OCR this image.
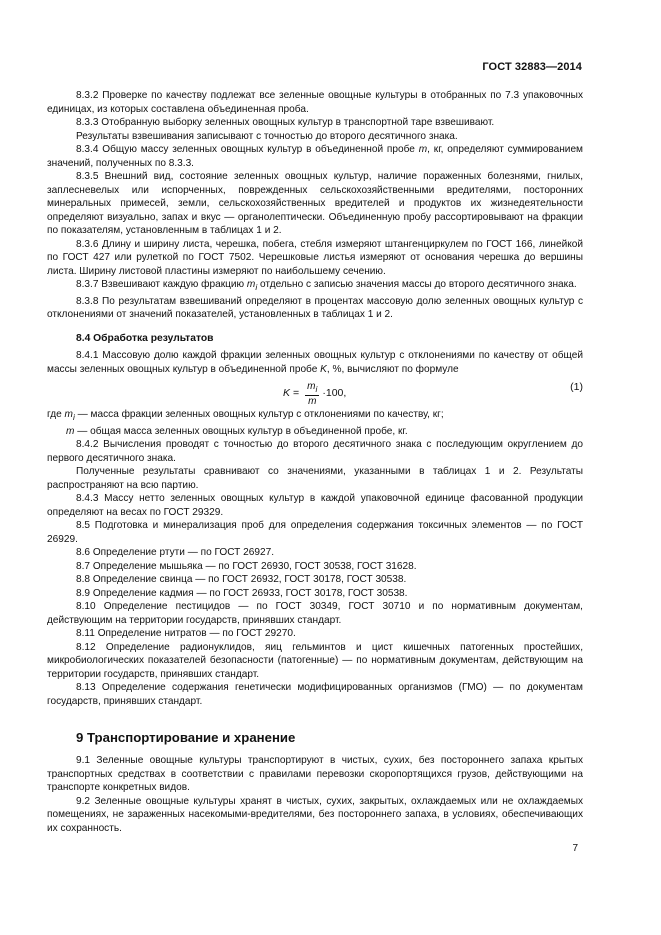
ГОСТ 32883—2014

8.3.2 Проверке по качеству подлежат все зеленные овощные культуры в отобранных по 7.3 упаковочных единицах, из которых составлена объединенная проба.

8.3.3 Отобранную выборку зеленных овощных культур в транспортной таре взвешивают.

Результаты взвешивания записывают с точностью до второго десятичного знака.

8.3.4 Общую массу зеленных овощных культур в объединенной пробе m, кг, определяют суммированием значений, полученных по 8.3.3.

8.3.5 Внешний вид, состояние зеленных овощных культур, наличие пораженных болезнями, гнилых, заплесневелых или испорченных, поврежденных сельскохозяйственными вредителями, посторонних минеральных примесей, земли, сельскохозяйственных вредителей и продуктов их жизнедеятельности определяют визуально, запах и вкус — органолептически. Объединенную пробу рассортировывают на фракции по показателям, установленным в таблицах 1 и 2.

8.3.6 Длину и ширину листа, черешка, побега, стебля измеряют штангенциркулем по ГОСТ 166, линейкой по ГОСТ 427 или рулеткой по ГОСТ 7502. Черешковые листья измеряют от основания черешка до вершины листа. Ширину листовой пластины измеряют по наибольшему сечению.

8.3.7 Взвешивают каждую фракцию $m_i$ отдельно с записью значения массы до второго десятичного знака.

8.3.8 По результатам взвешиваний определяют в процентах массовую долю зеленных овощных культур с отклонениями от значений показателей, установленных в таблицах 1 и 2.

8.4 Обработка результатов

8.4.1 Массовую долю каждой фракции зеленных овощных культур с отклонениями по качеству от общей массы зеленных овощных культур в объединенной пробе K, %, вычисляют по формуле

$K = \frac{m_i}{m} \cdot 100$,
(1)

где $m_i$ — масса фракции зеленных овощных культур с отклонениями по качеству, кг;

m — общая масса зеленных овощных культур в объединенной пробе, кг.

8.4.2 Вычисления проводят с точностью до второго десятичного знака с последующим округлением до первого десятичного знака.

Полученные результаты сравнивают со значениями, указанными в таблицах 1 и 2. Результаты распространяют на всю партию.

8.4.3 Массу нетто зеленных овощных культур в каждой упаковочной единице фасованной продукции определяют на весах по ГОСТ 29329.

8.5 Подготовка и минерализация проб для определения содержания токсичных элементов — по ГОСТ 26929.

8.6 Определение ртути — по ГОСТ 26927.

8.7 Определение мышьяка — по ГОСТ 26930, ГОСТ 30538, ГОСТ 31628.

8.8 Определение свинца — по ГОСТ 26932, ГОСТ 30178, ГОСТ 30538.

8.9 Определение кадмия — по ГОСТ 26933, ГОСТ 30178, ГОСТ 30538.

8.10 Определение пестицидов — по ГОСТ 30349, ГОСТ 30710 и по нормативным документам, действующим на территории государств, принявших стандарт.

8.11 Определение нитратов — по ГОСТ 29270.

8.12 Определение радионуклидов, яиц гельминтов и цист кишечных патогенных простейших, микробиологических показателей безопасности (патогенные) — по нормативным документам, действующим на территории государств, принявших стандарт.

8.13 Определение содержания генетически модифицированных организмов (ГМО) — по документам государств, принявших стандарт.

9 Транспортирование и хранение

9.1 Зеленные овощные культуры транспортируют в чистых, сухих, без постороннего запаха крытых транспортных средствах в соответствии с правилами перевозки скоропортящихся грузов, действующими на транспорте конкретных видов.

9.2 Зеленные овощные культуры хранят в чистых, сухих, закрытых, охлаждаемых или не охлаждаемых помещениях, не зараженных насекомыми-вредителями, без постороннего запаха, в условиях, обеспечивающих их сохранность.

7
